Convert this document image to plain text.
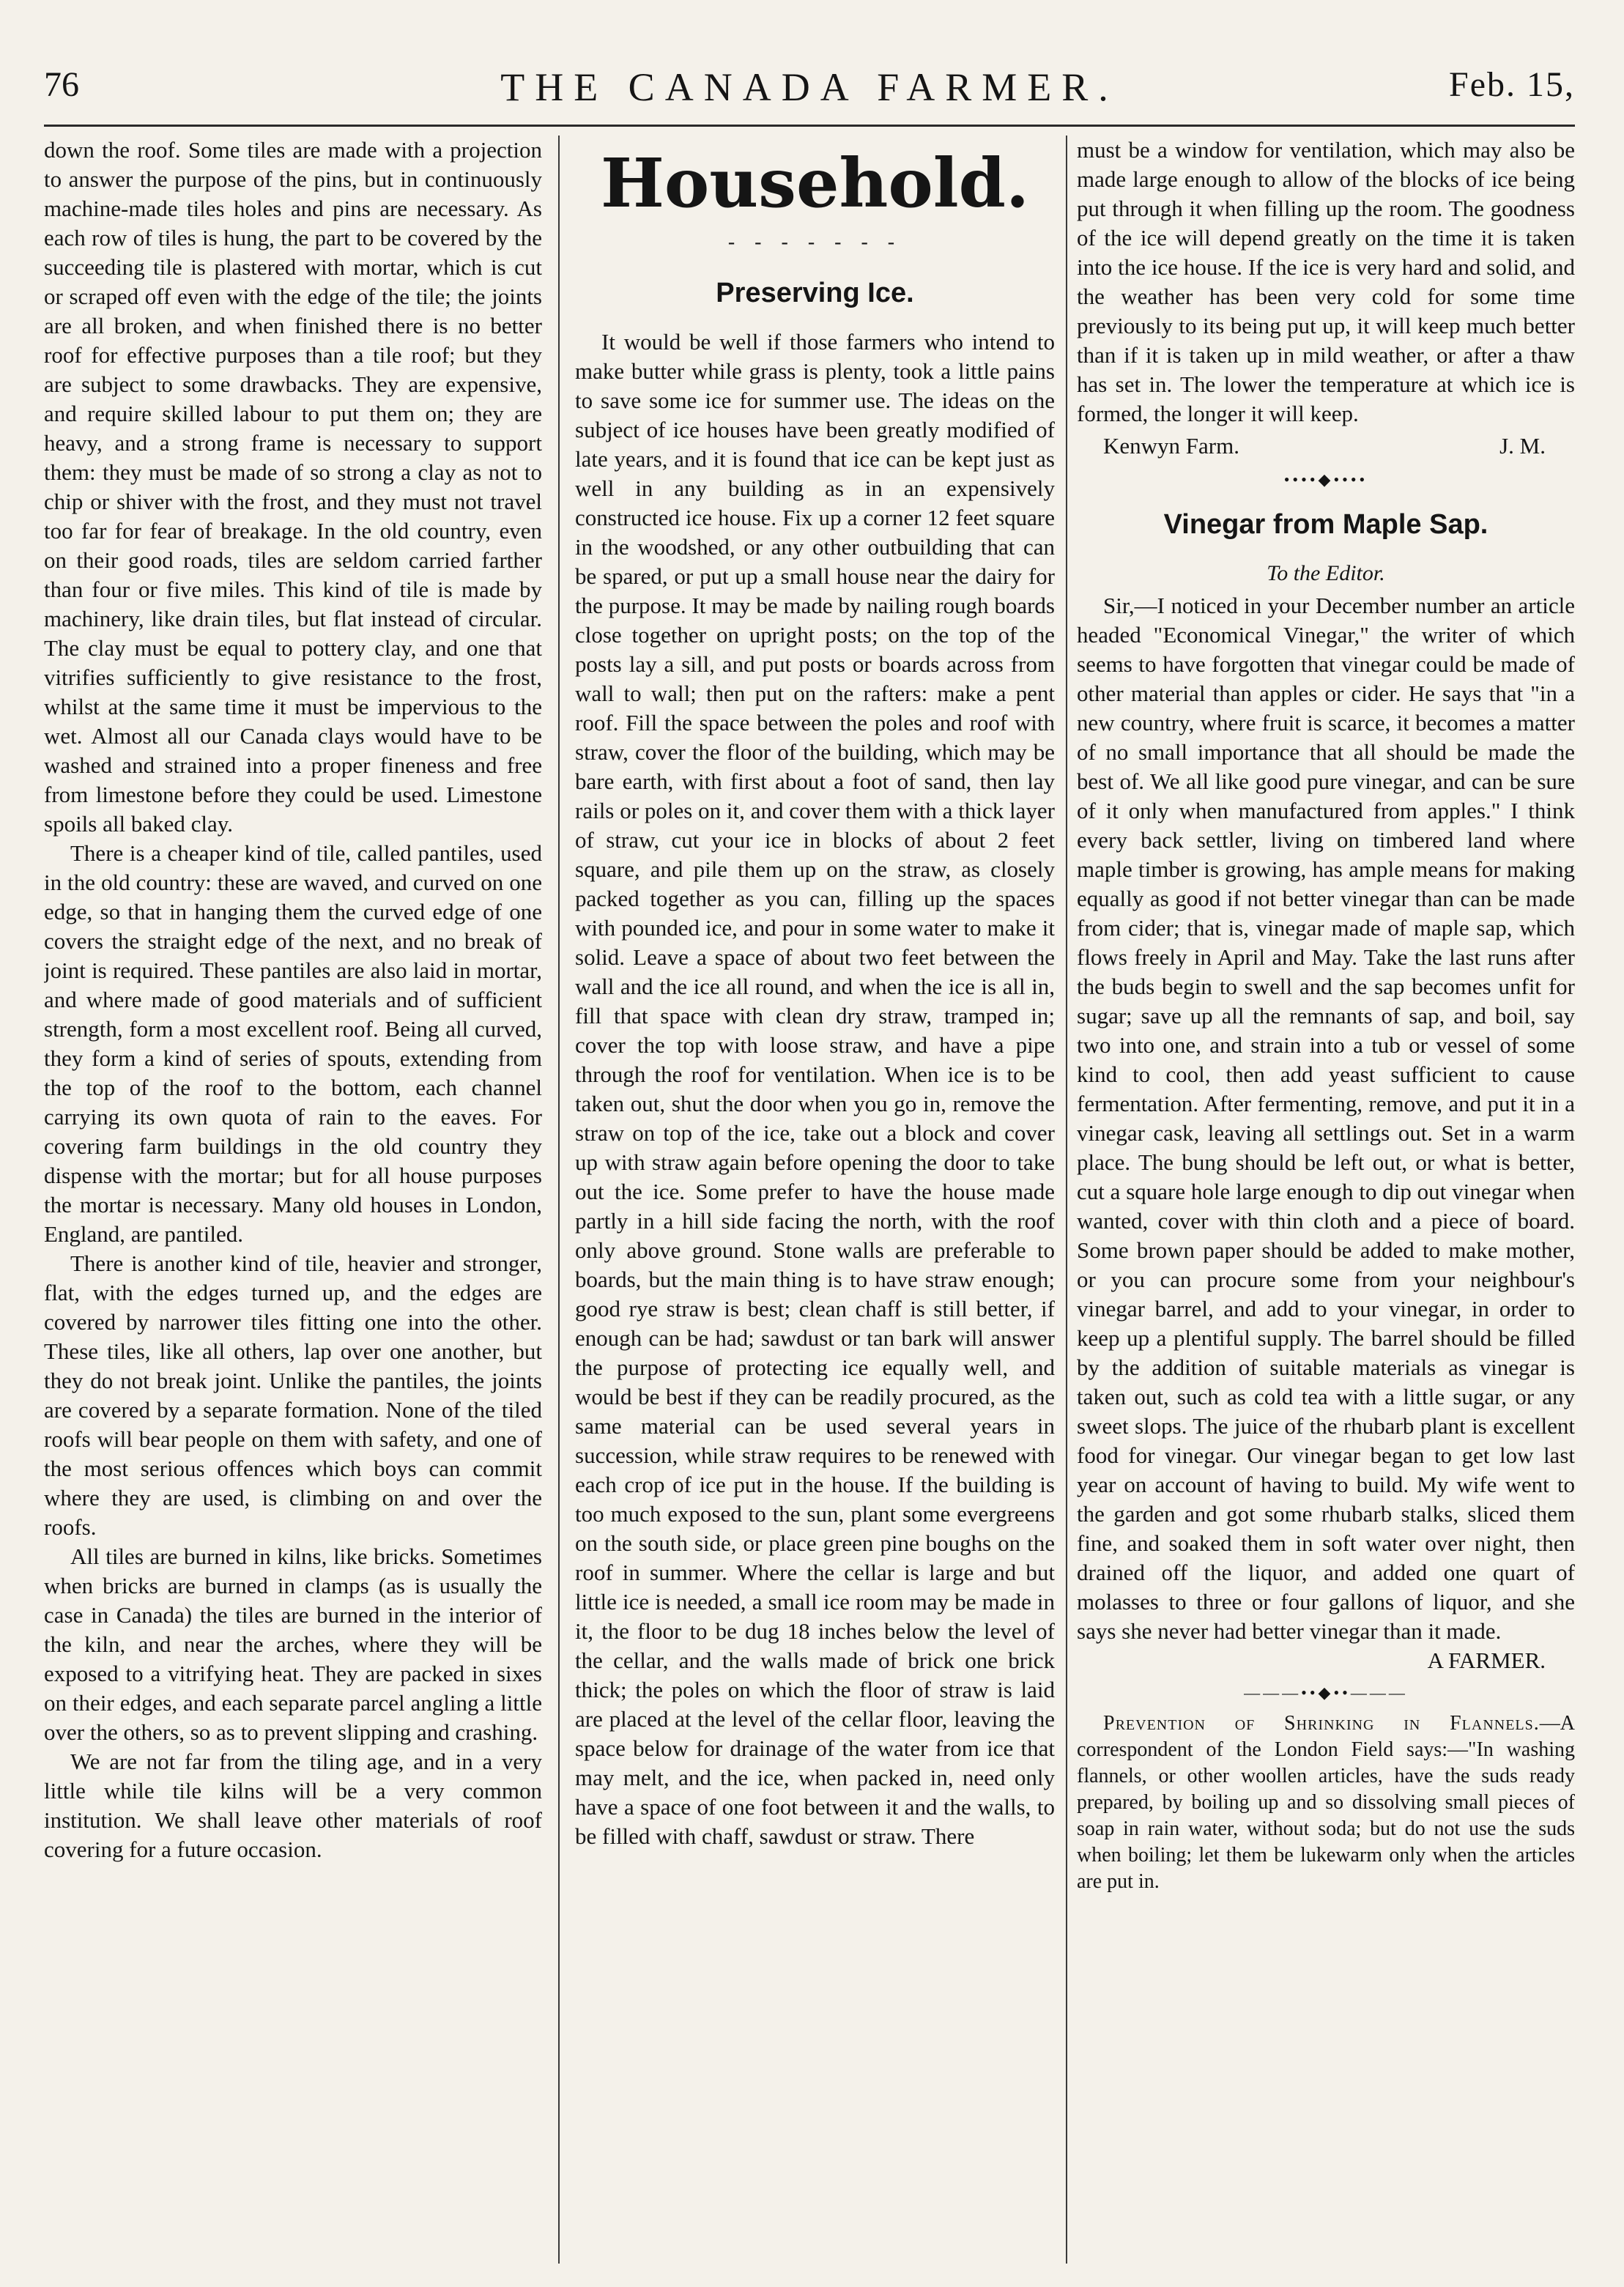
76	THE CANADA FARMER.	Feb. 15,

down the roof. Some tiles are made with a projection to answer the purpose of the pins, but in continuously machine-made tiles holes and pins are necessary. As each row of tiles is hung, the part to be covered by the succeeding tile is plastered with mortar, which is cut or scraped off even with the edge of the tile; the joints are all broken, and when finished there is no better roof for effective purposes than a tile roof; but they are subject to some drawbacks. They are expensive, and require skilled labour to put them on; they are heavy, and a strong frame is necessary to support them: they must be made of so strong a clay as not to chip or shiver with the frost, and they must not travel too far for fear of breakage. In the old country, even on their good roads, tiles are seldom carried farther than four or five miles. This kind of tile is made by machinery, like drain tiles, but flat instead of circular. The clay must be equal to pottery clay, and one that vitrifies sufficiently to give resistance to the frost, whilst at the same time it must be impervious to the wet. Almost all our Canada clays would have to be washed and strained into a proper fineness and free from limestone before they could be used. Limestone spoils all baked clay.

There is a cheaper kind of tile, called pantiles, used in the old country: these are waved, and curved on one edge, so that in hanging them the curved edge of one covers the straight edge of the next, and no break of joint is required. These pantiles are also laid in mortar, and where made of good materials and of sufficient strength, form a most excellent roof. Being all curved, they form a kind of series of spouts, extending from the top of the roof to the bottom, each channel carrying its own quota of rain to the eaves. For covering farm buildings in the old country they dispense with the mortar; but for all house purposes the mortar is necessary. Many old houses in London, England, are pantiled.

There is another kind of tile, heavier and stronger, flat, with the edges turned up, and the edges are covered by narrower tiles fitting one into the other. These tiles, like all others, lap over one another, but they do not break joint. Unlike the pantiles, the joints are covered by a separate formation. None of the tiled roofs will bear people on them with safety, and one of the most serious offences which boys can commit where they are used, is climbing on and over the roofs.

All tiles are burned in kilns, like bricks. Sometimes when bricks are burned in clamps (as is usually the case in Canada) the tiles are burned in the interior of the kiln, and near the arches, where they will be exposed to a vitrifying heat. They are packed in sixes on their edges, and each separate parcel angling a little over the others, so as to prevent slipping and crashing.

We are not far from the tiling age, and in a very little while tile kilns will be a very common institution. We shall leave other materials of roof covering for a future occasion.

Household.
- - - - - - -
Preserving Ice.

It would be well if those farmers who intend to make butter while grass is plenty, took a little pains to save some ice for summer use. The ideas on the subject of ice houses have been greatly modified of late years, and it is found that ice can be kept just as well in any building as in an expensively constructed ice house. Fix up a corner 12 feet square in the woodshed, or any other outbuilding that can be spared, or put up a small house near the dairy for the purpose. It may be made by nailing rough boards close together on upright posts; on the top of the posts lay a sill, and put posts or boards across from wall to wall; then put on the rafters: make a pent roof. Fill the space between the poles and roof with straw, cover the floor of the building, which may be bare earth, with first about a foot of sand, then lay rails or poles on it, and cover them with a thick layer of straw, cut your ice in blocks of about 2 feet square, and pile them up on the straw, as closely packed together as you can, filling up the spaces with pounded ice, and pour in some water to make it solid. Leave a space of about two feet between the wall and the ice all round, and when the ice is all in, fill that space with clean dry straw, tramped in; cover the top with loose straw, and have a pipe through the roof for ventilation. When ice is to be taken out, shut the door when you go in, remove the straw on top of the ice, take out a block and cover up with straw again before opening the door to take out the ice. Some prefer to have the house made partly in a hill side facing the north, with the roof only above ground. Stone walls are preferable to boards, but the main thing is to have straw enough; good rye straw is best; clean chaff is still better, if enough can be had; sawdust or tan bark will answer the purpose of protecting ice equally well, and would be best if they can be readily procured, as the same material can be used several years in succession, while straw requires to be renewed with each crop of ice put in the house. If the building is too much exposed to the sun, plant some evergreens on the south side, or place green pine boughs on the roof in summer. Where the cellar is large and but little ice is needed, a small ice room may be made in it, the floor to be dug 18 inches below the level of the cellar, and the walls made of brick one brick thick; the poles on which the floor of straw is laid are placed at the level of the cellar floor, leaving the space below for drainage of the water from ice that may melt, and the ice, when packed in, need only have a space of one foot between it and the walls, to be filled with chaff, sawdust or straw. There

must be a window for ventilation, which may also be made large enough to allow of the blocks of ice being put through it when filling up the room. The goodness of the ice will depend greatly on the time it is taken into the ice house. If the ice is very hard and solid, and the weather has been very cold for some time previously to its being put up, it will keep much better than if it is taken up in mild weather, or after a thaw has set in. The lower the temperature at which ice is formed, the longer it will keep.

Kenwyn Farm.	J. M.
••••◆••••
Vinegar from Maple Sap.
To the Editor.

Sir,—I noticed in your December number an article headed "Economical Vinegar," the writer of which seems to have forgotten that vinegar could be made of other material than apples or cider. He says that "in a new country, where fruit is scarce, it becomes a matter of no small importance that all should be made the best of. We all like good pure vinegar, and can be sure of it only when manufactured from apples." I think every back settler, living on timbered land where maple timber is growing, has ample means for making equally as good if not better vinegar than can be made from cider; that is, vinegar made of maple sap, which flows freely in April and May. Take the last runs after the buds begin to swell and the sap becomes unfit for sugar; save up all the remnants of sap, and boil, say two into one, and strain into a tub or vessel of some kind to cool, then add yeast sufficient to cause fermentation. After fermenting, remove, and put it in a vinegar cask, leaving all settlings out. Set in a warm place. The bung should be left out, or what is better, cut a square hole large enough to dip out vinegar when wanted, cover with thin cloth and a piece of board. Some brown paper should be added to make mother, or you can procure some from your neighbour's vinegar barrel, and add to your vinegar, in order to keep up a plentiful supply. The barrel should be filled by the addition of suitable materials as vinegar is taken out, such as cold tea with a little sugar, or any sweet slops. The juice of the rhubarb plant is excellent food for vinegar. Our vinegar began to get low last year on account of having to build. My wife went to the garden and got some rhubarb stalks, sliced them fine, and soaked them in soft water over night, then drained off the liquor, and added one quart of molasses to three or four gallons of liquor, and she says she never had better vinegar than it made.

A FARMER.
———••◆••———

Prevention of Shrinking in Flannels.—A correspondent of the London Field says:—"In washing flannels, or other woollen articles, have the suds ready prepared, by boiling up and so dissolving small pieces of soap in rain water, without soda; but do not use the suds when boiling; let them be lukewarm only when the articles are put in.
